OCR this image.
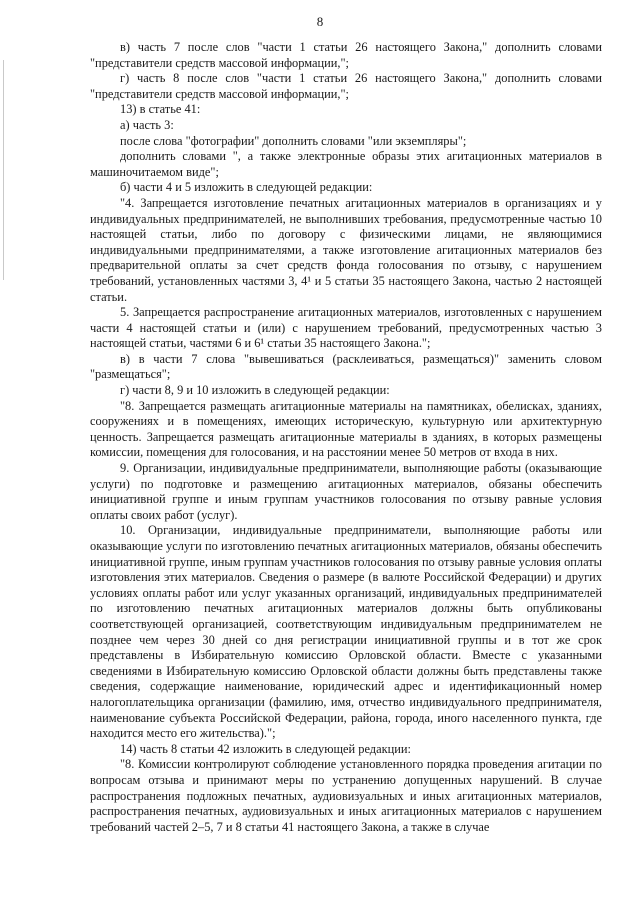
8

в) часть 7 после слов "части 1 статьи 26 настоящего Закона," дополнить словами "представители средств массовой информации,";

г) часть 8 после слов "части 1 статьи 26 настоящего Закона," дополнить словами "представители средств массовой информации,";

13) в статье 41:

а) часть 3:

после слова "фотографии" дополнить словами "или экземпляры";

дополнить словами ", а также электронные образы этих агитационных материалов в машиночитаемом виде";

б) части 4 и 5 изложить в следующей редакции:

"4. Запрещается изготовление печатных агитационных материалов в организациях и у индивидуальных предпринимателей, не выполнивших требования, предусмотренные частью 10 настоящей статьи, либо по договору с физическими лицами, не являющимися индивидуальными предпринимателями, а также изготовление агитационных материалов без предварительной оплаты за счет средств фонда голосования по отзыву, с нарушением требований, установленных частями 3, 4¹ и 5 статьи 35 настоящего Закона, частью 2 настоящей статьи.

5. Запрещается распространение агитационных материалов, изготовленных с нарушением части 4 настоящей статьи и (или) с нарушением требований, предусмотренных частью 3 настоящей статьи, частями 6 и 6¹ статьи 35 настоящего Закона.";

в) в части 7 слова "вывешиваться (расклеиваться, размещаться)" заменить словом "размещаться";

г) части 8, 9 и 10 изложить в следующей редакции:

"8. Запрещается размещать агитационные материалы на памятниках, обелисках, зданиях, сооружениях и в помещениях, имеющих историческую, культурную или архитектурную ценность. Запрещается размещать агитационные материалы в зданиях, в которых размещены комиссии, помещения для голосования, и на расстоянии менее 50 метров от входа в них.

9. Организации, индивидуальные предприниматели, выполняющие работы (оказывающие услуги) по подготовке и размещению агитационных материалов, обязаны обеспечить инициативной группе и иным группам участников голосования по отзыву равные условия оплаты своих работ (услуг).

10. Организации, индивидуальные предприниматели, выполняющие работы или оказывающие услуги по изготовлению печатных агитационных материалов, обязаны обеспечить инициативной группе, иным группам участников голосования по отзыву равные условия оплаты изготовления этих материалов. Сведения о размере (в валюте Российской Федерации) и других условиях оплаты работ или услуг указанных организаций, индивидуальных предпринимателей по изготовлению печатных агитационных материалов должны быть опубликованы соответствующей организацией, соответствующим индивидуальным предпринимателем не позднее чем через 30 дней со дня регистрации инициативной группы и в тот же срок представлены в Избирательную комиссию Орловской области. Вместе с указанными сведениями в Избирательную комиссию Орловской области должны быть представлены также сведения, содержащие наименование, юридический адрес и идентификационный номер налогоплательщика организации (фамилию, имя, отчество индивидуального предпринимателя, наименование субъекта Российской Федерации, района, города, иного населенного пункта, где находится место его жительства).";

14) часть 8 статьи 42 изложить в следующей редакции:

"8. Комиссии контролируют соблюдение установленного порядка проведения агитации по вопросам отзыва и принимают меры по устранению допущенных нарушений. В случае распространения подложных печатных, аудиовизуальных и иных агитационных материалов, распространения печатных, аудиовизуальных и иных агитационных материалов с нарушением требований частей 2–5, 7 и 8 статьи 41 настоящего Закона, а также в случае
